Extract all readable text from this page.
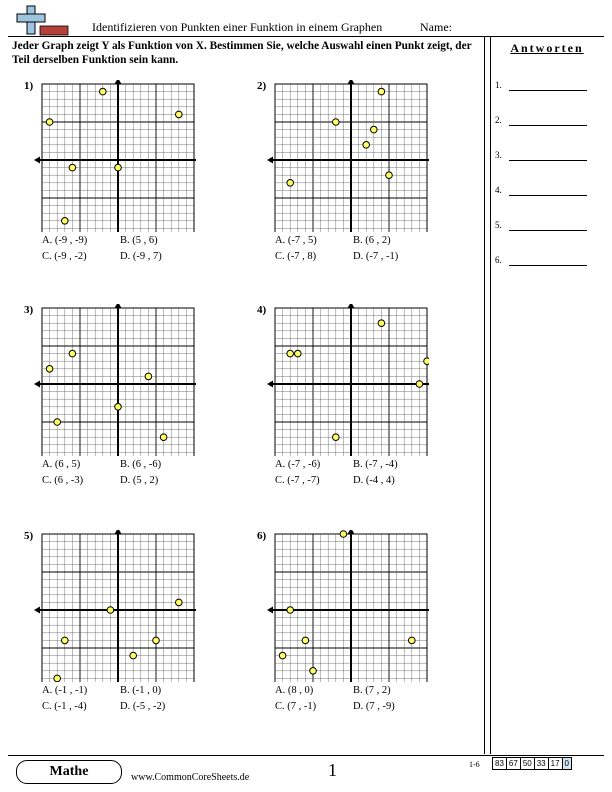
Identifizieren von Punkten einer Funktion in einem Graphen	Name:
Jeder Graph zeigt Y als Funktion von X. Bestimmen Sie, welche Auswahl einen Punkt zeigt, der Teil derselben Funktion sein kann.
Antworten
1.
2.
3.
4.
5.
6.
1)
A. (-9 , -9)	B. (5 , 6)
C. (-9 , -2)	D. (-9 , 7)
2)
A. (-7 , 5)	B. (6 , 2)
C. (-7 , 8)	D. (-7 , -1)
3)
A. (6 , 5)	B. (6 , -6)
C. (6 , -3)	D. (5 , 2)
4)
A. (-7 , -6)	B. (-7 , -4)
C. (-7 , -7)	D. (-4 , 4)
5)
A. (-1 , -1)	B. (-1 , 0)
C. (-1 , -4)	D. (-5 , -2)
6)
A. (8 , 0)	B. (7 , 2)
C. (7 , -1)	D. (7 , -9)
Mathe	www.CommonCoreSheets.de	1	1-6 83	67	50	33	17	0
